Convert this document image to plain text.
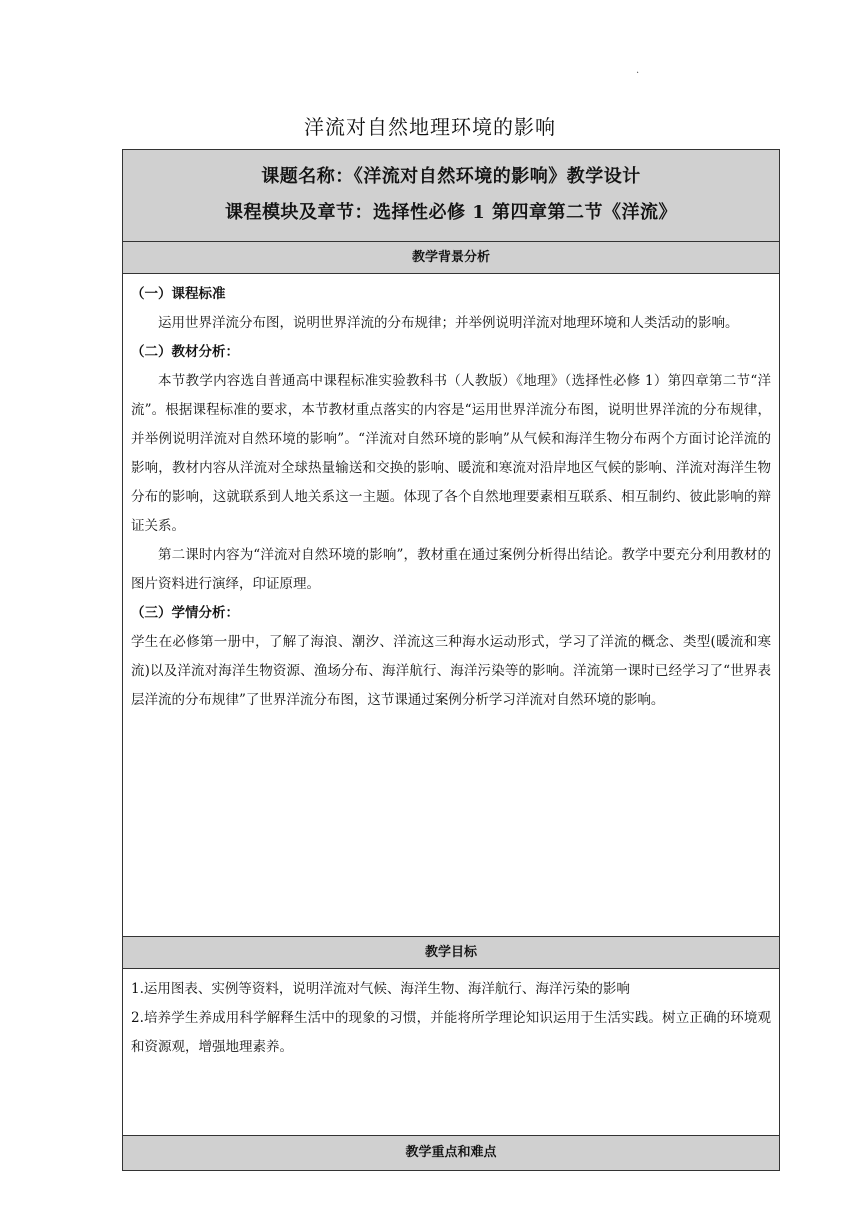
.
洋流对自然地理环境的影响
课题名称：《洋流对自然环境的影响》教学设计
课程模块及章节：选择性必修 1 第四章第二节《洋流》
教学背景分析

（一）课程标准

运用世界洋流分布图，说明世界洋流的分布规律；并举例说明洋流对地理环境和人类活动的影响。

（二）教材分析：

本节教学内容选自普通高中课程标准实验教科书（人教版）《地理》（选择性必修 1）第四章第二节“洋流”。根据课程标准的要求，本节教材重点落实的内容是“运用世界洋流分布图，说明世界洋流的分布规律，并举例说明洋流对自然环境的影响”。“洋流对自然环境的影响”从气候和海洋生物分布两个方面讨论洋流的影响，教材内容从洋流对全球热量输送和交换的影响、暖流和寒流对沿岸地区气候的影响、洋流对海洋生物分布的影响，这就联系到人地关系这一主题。体现了各个自然地理要素相互联系、相互制约、彼此影响的辩证关系。

第二课时内容为“洋流对自然环境的影响”，教材重在通过案例分析得出结论。教学中要充分利用教材的图片资料进行演绎，印证原理。

（三）学情分析：

学生在必修第一册中，了解了海浪、潮汐、洋流这三种海水运动形式，学习了洋流的概念、类型(暖流和寒流)以及洋流对海洋生物资源、渔场分布、海洋航行、海洋污染等的影响。洋流第一课时已经学习了“世界表层洋流的分布规律”了世界洋流分布图，这节课通过案例分析学习洋流对自然环境的影响。

教学目标

1.运用图表、实例等资料，说明洋流对气候、海洋生物、海洋航行、海洋污染的影响

2.培养学生养成用科学解释生活中的现象的习惯，并能将所学理论知识运用于生活实践。树立正确的环境观和资源观，增强地理素养。

教学重点和难点
